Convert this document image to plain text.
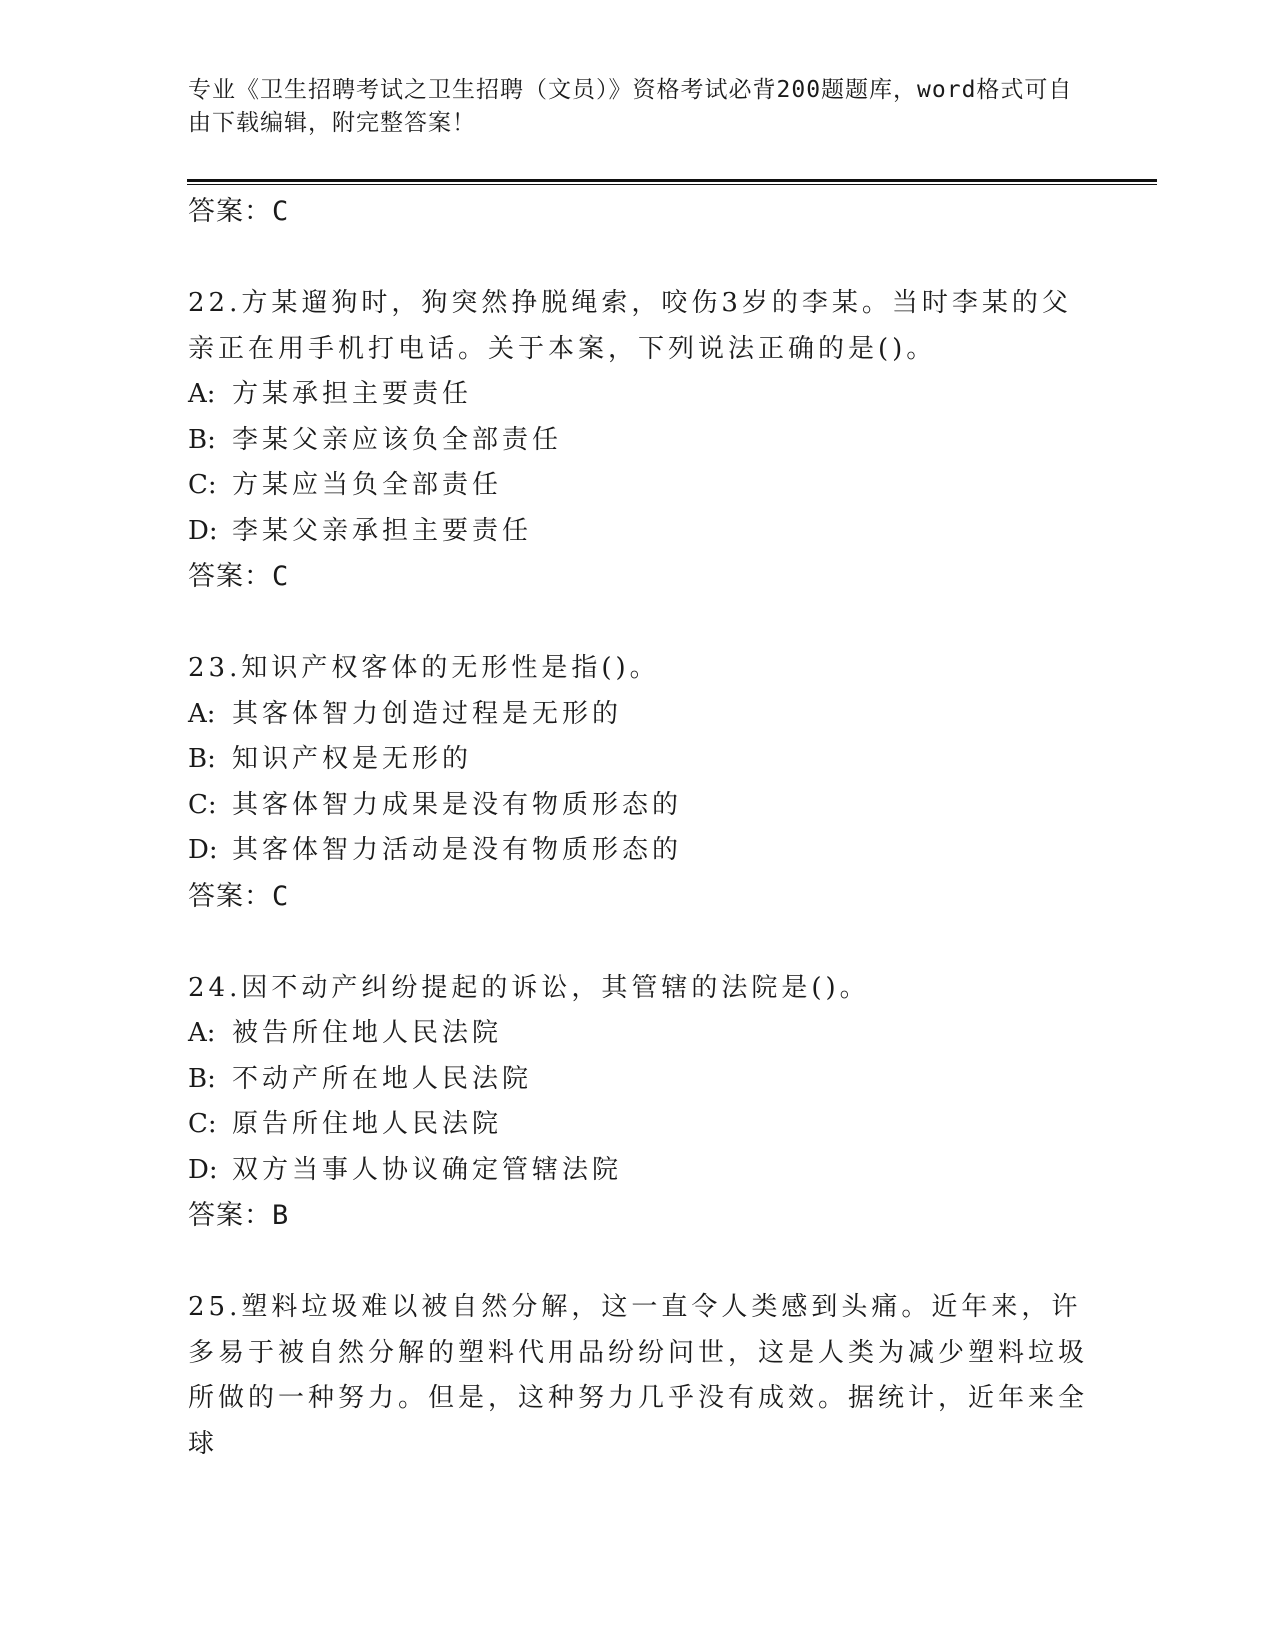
专业《卫生招聘考试之卫生招聘（文员）》资格考试必背200题题库，word格式可自由下载编辑，附完整答案！
答案：C

22.方某遛狗时，狗突然挣脱绳索，咬伤3岁的李某。当时李某的父亲正在用手机打电话。关于本案，下列说法正确的是()。

A: 方某承担主要责任
B: 李某父亲应该负全部责任
C: 方某应当负全部责任
D: 李某父亲承担主要责任
答案：C

23.知识产权客体的无形性是指()。

A: 其客体智力创造过程是无形的
B: 知识产权是无形的
C: 其客体智力成果是没有物质形态的
D: 其客体智力活动是没有物质形态的
答案：C

24.因不动产纠纷提起的诉讼，其管辖的法院是()。

A: 被告所住地人民法院
B: 不动产所在地人民法院
C: 原告所住地人民法院
D: 双方当事人协议确定管辖法院
答案：B

25.塑料垃圾难以被自然分解，这一直令人类感到头痛。近年来，许多易于被自然分解的塑料代用品纷纷问世，这是人类为减少塑料垃圾所做的一种努力。但是，这种努力几乎没有成效。据统计，近年来全球
